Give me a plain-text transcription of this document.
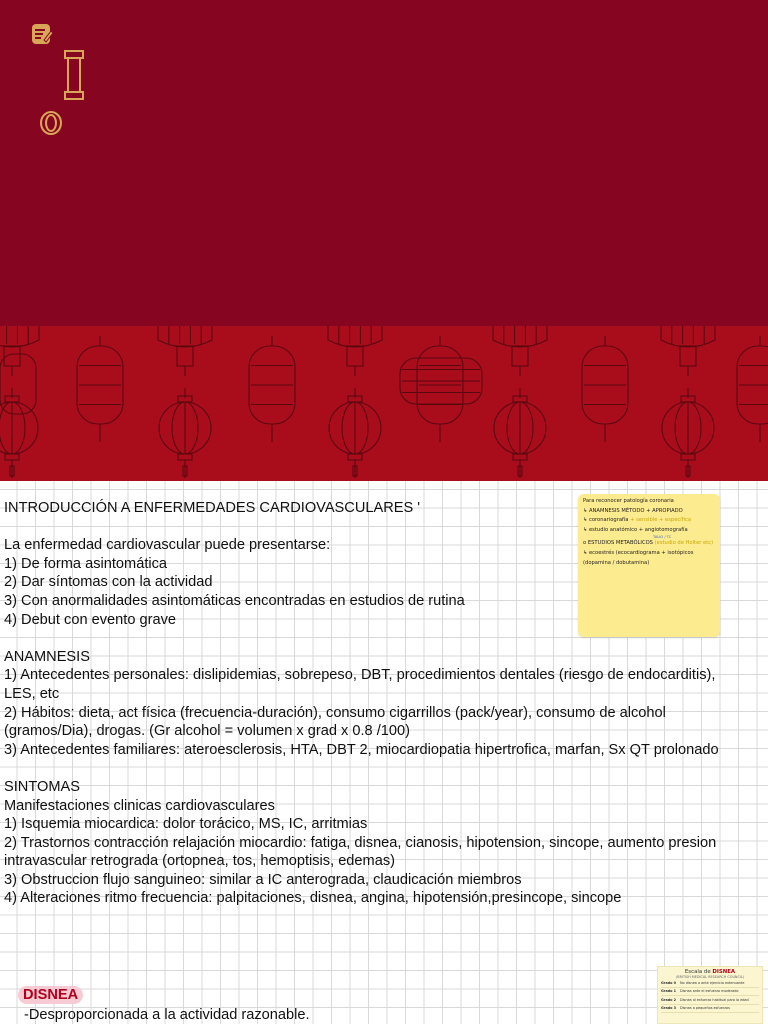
INTRODUCCIÓN A ENFERMEDADES CARDIOVASCULARES '

La enfermedad cardiovascular puede presentarse:

1) De forma asintomática

2) Dar síntomas con la actividad

3) Con anormalidades asintomáticas encontradas en estudios de rutina

4) Debut con evento grave

ANAMNESIS

1) Antecedentes personales: dislipidemias, sobrepeso, DBT, procedimientos dentales (riesgo de endocarditis), LES, etc

2) Hábitos: dieta, act física (frecuencia-duración), consumo cigarrillos (pack/year), consumo de alcohol (gramos/Dia), drogas. (Gr alcohol = volumen x grad x 0.8 /100)

3) Antecedentes familiares: ateroesclerosis, HTA, DBT 2, miocardiopatia hipertrofica, marfan, Sx QT prolonado

SINTOMAS

Manifestaciones clinicas cardiovasculares

1) Isquemia miocardica: dolor torácico, MS, IC, arritmias

2) Trastornos contracción relajación miocardio: fatiga, disnea, cianosis, hipotension, sincope, aumento presion intravascular retrograda (ortopnea, tos, hemoptisis, edemas)

3) Obstruccion flujo sanguineo: similar a IC anterograda, claudicación miembros

4) Alteraciones ritmo frecuencia: palpitaciones, disnea, angina, hipotensión,presincope, sincope

Para reconocer patología coronaria
↳ ANAMNESIS MÉTODO + APROPIADO
↳ coronariografía + sensible + específica
↳ estudio anatómico + angiotomografía
TALIO / TC
o ESTUDIOS METABÓLICOS (estudio de Holter etc)
↳ ecoestrés (ecocardiograma + isotópicos
(dopamina / dobutamina)
DISNEA
-Desproporcionada a la actividad razonable.
Escala de DISNEA
(BRITISH MEDICAL RESEARCH COUNCIL)
Grado 0	No disnea a ante ejercicio extenuante
Grado 1	Disnea ante el esfuerzo moderado
Grado 2	Disnea al esfuerzo habitual para la edad
Grado 3	Disnea a pequeños esfuerzos
